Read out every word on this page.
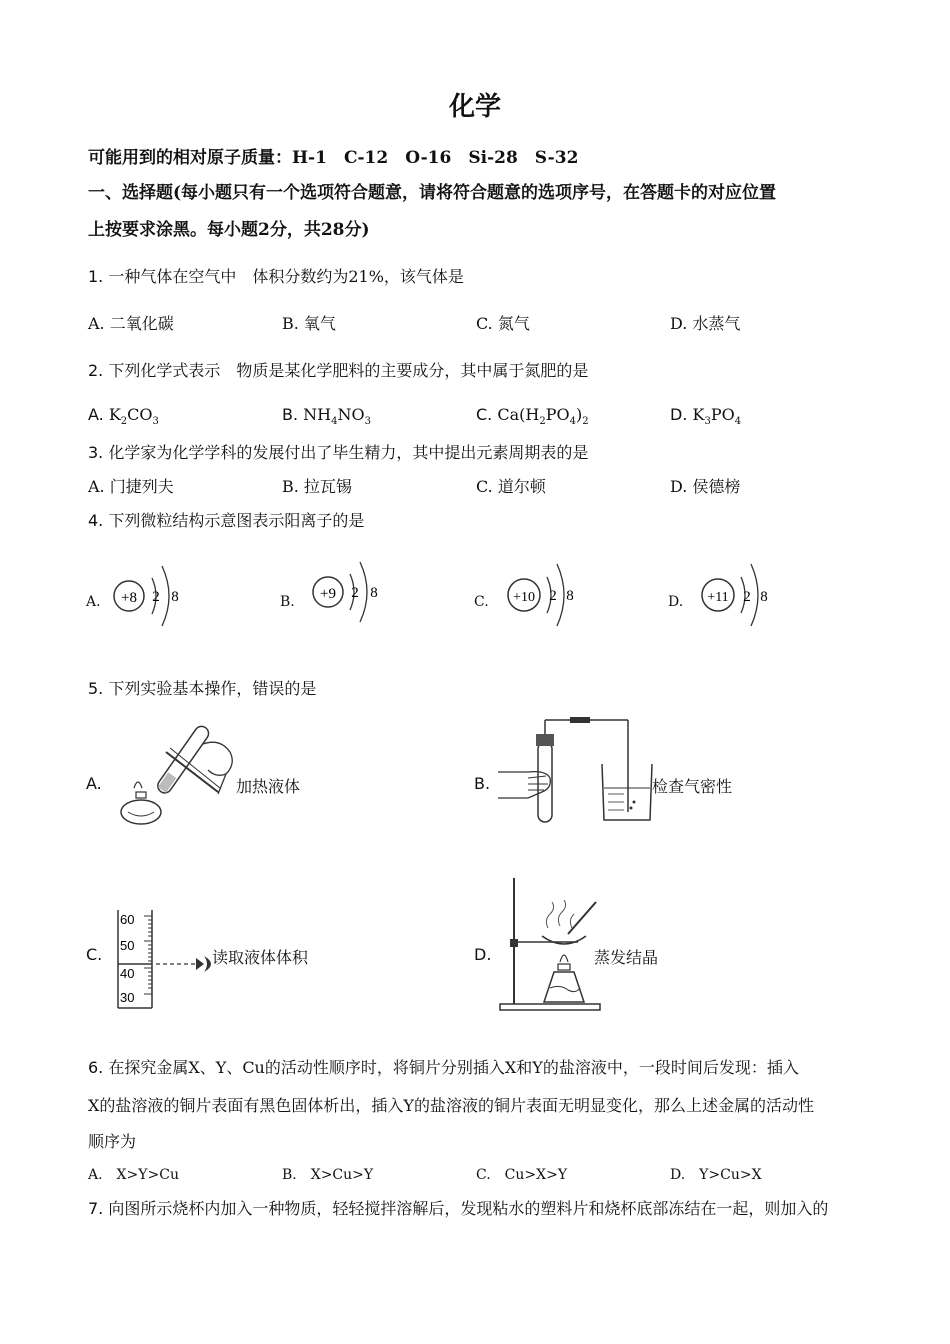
化学
可能用到的相对原子质量：H-1　C-12　O-16　Si-28　S-32
一、选择题(每小题只有一个选项符合题意，请将符合题意的选项序号，在答题卡的对应位置
上按要求涂黑。每小题2分，共28分)
1. 一种气体在空气中　体积分数约为21%，该气体是
A. 二氧化碳	B. 氧气	C. 氮气	D. 水蒸气
2. 下列化学式表示　物质是某化学肥料的主要成分，其中属于氮肥的是
A. $K_2CO_3$	B. $NH_4NO_3$	C. $Ca(H_2PO_4)_2$	D. $K_3PO_4$
3. 化学家为化学学科的发展付出了毕生精力，其中提出元素周期表的是
A. 门捷列夫	B. 拉瓦锡	C. 道尔顿	D. 侯德榜
4. 下列微粒结构示意图表示阳离子的是
A. +8 2 8	B. +9 2 8
C. +10 2 8	D. +11 2 8
5. 下列实验基本操作，错误的是
A.	加热液体	B.	检查气密性
C.
60
50
40
30
读取液体体积	D.	蒸发结晶
6. 在探究金属X、Y、Cu的活动性顺序时，将铜片分别插入X和Y的盐溶液中，一段时间后发现：插入
X的盐溶液的铜片表面有黑色固体析出，插入Y的盐溶液的铜片表面无明显变化，那么上述金属的活动性
顺序为
A.　X>Y>Cu	B.　X>Cu>Y	C.　Cu>X>Y	D.　Y>Cu>X
7. 向图所示烧杯内加入一种物质，轻轻搅拌溶解后，发现粘水的塑料片和烧杯底部冻结在一起，则加入的
